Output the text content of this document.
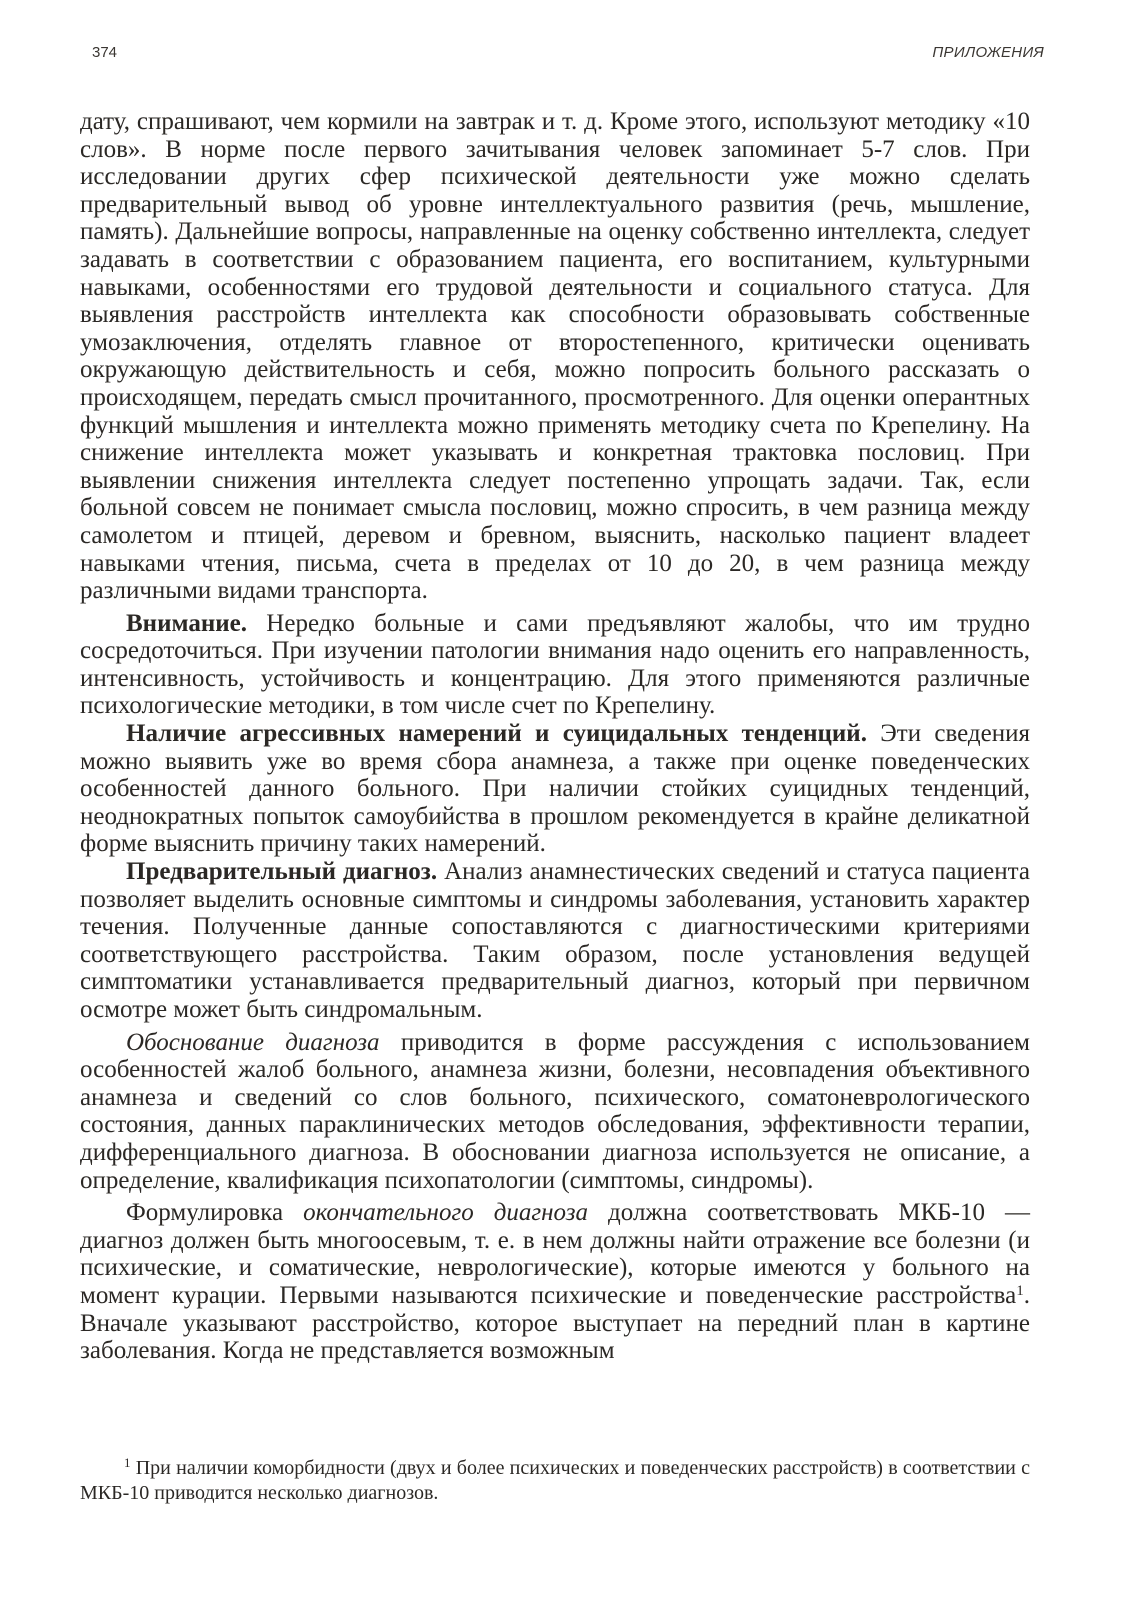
374	ПРИЛОЖЕНИЯ

дату, спрашивают, чем кормили на завтрак и т. д. Кроме этого, используют методику «10 слов». В норме после первого зачитывания человек запоминает 5-7 слов. При исследовании других сфер психической деятельности уже можно сделать предварительный вывод об уровне интеллектуального развития (речь, мышление, память). Дальнейшие вопросы, направленные на оценку собственно интеллекта, следует задавать в соответствии с образованием пациента, его воспитанием, культурными навыками, особенностями его трудовой деятельности и социального статуса. Для выявления расстройств интеллекта как способности образовывать собственные умозаключения, отделять главное от второстепенного, критически оценивать окружающую действительность и себя, можно попросить больного рассказать о происходящем, передать смысл прочитанного, просмотренного. Для оценки оперантных функций мышления и интеллекта можно применять методику счета по Крепелину. На снижение интеллекта может указывать и конкретная трактовка пословиц. При выявлении снижения интеллекта следует постепенно упрощать задачи. Так, если больной совсем не понимает смысла пословиц, можно спросить, в чем разница между самолетом и птицей, деревом и бревном, выяснить, насколько пациент владеет навыками чтения, письма, счета в пределах от 10 до 20, в чем разница между различными видами транспорта.

Внимание. Нередко больные и сами предъявляют жалобы, что им трудно сосредоточиться. При изучении патологии внимания надо оценить его направленность, интенсивность, устойчивость и концентрацию. Для этого применяются различные психологические методики, в том числе счет по Крепелину.

Наличие агрессивных намерений и суицидальных тенденций. Эти сведения можно выявить уже во время сбора анамнеза, а также при оценке поведенческих особенностей данного больного. При наличии стойких суицидных тенденций, неоднократных попыток самоубийства в прошлом рекомендуется в крайне деликатной форме выяснить причину таких намерений.

Предварительный диагноз. Анализ анамнестических сведений и статуса пациента позволяет выделить основные симптомы и синдромы заболевания, установить характер течения. Полученные данные сопоставляются с диагностическими критериями соответствующего расстройства. Таким образом, после установления ведущей симптоматики устанавливается предварительный диагноз, который при первичном осмотре может быть синдромальным.

Обоснование диагноза приводится в форме рассуждения с использованием особенностей жалоб больного, анамнеза жизни, болезни, несовпадения объективного анамнеза и сведений со слов больного, психического, соматоневрологического состояния, данных параклинических методов обследования, эффективности терапии, дифференциального диагноза. В обосновании диагноза используется не описание, а определение, квалификация психопатологии (симптомы, синдромы).

Формулировка окончательного диагноза должна соответствовать МКБ-10 — диагноз должен быть многоосевым, т. е. в нем должны найти отражение все болезни (и психические, и соматические, неврологические), которые имеются у больного на момент курации. Первыми называются психические и поведенческие расстройства$^1$. Вначале указывают расстройство, которое выступает на передний план в картине заболевания. Когда не представляется возможным

$^1$ При наличии коморбидности (двух и более психических и поведенческих расстройств) в соответствии с МКБ-10 приводится несколько диагнозов.
